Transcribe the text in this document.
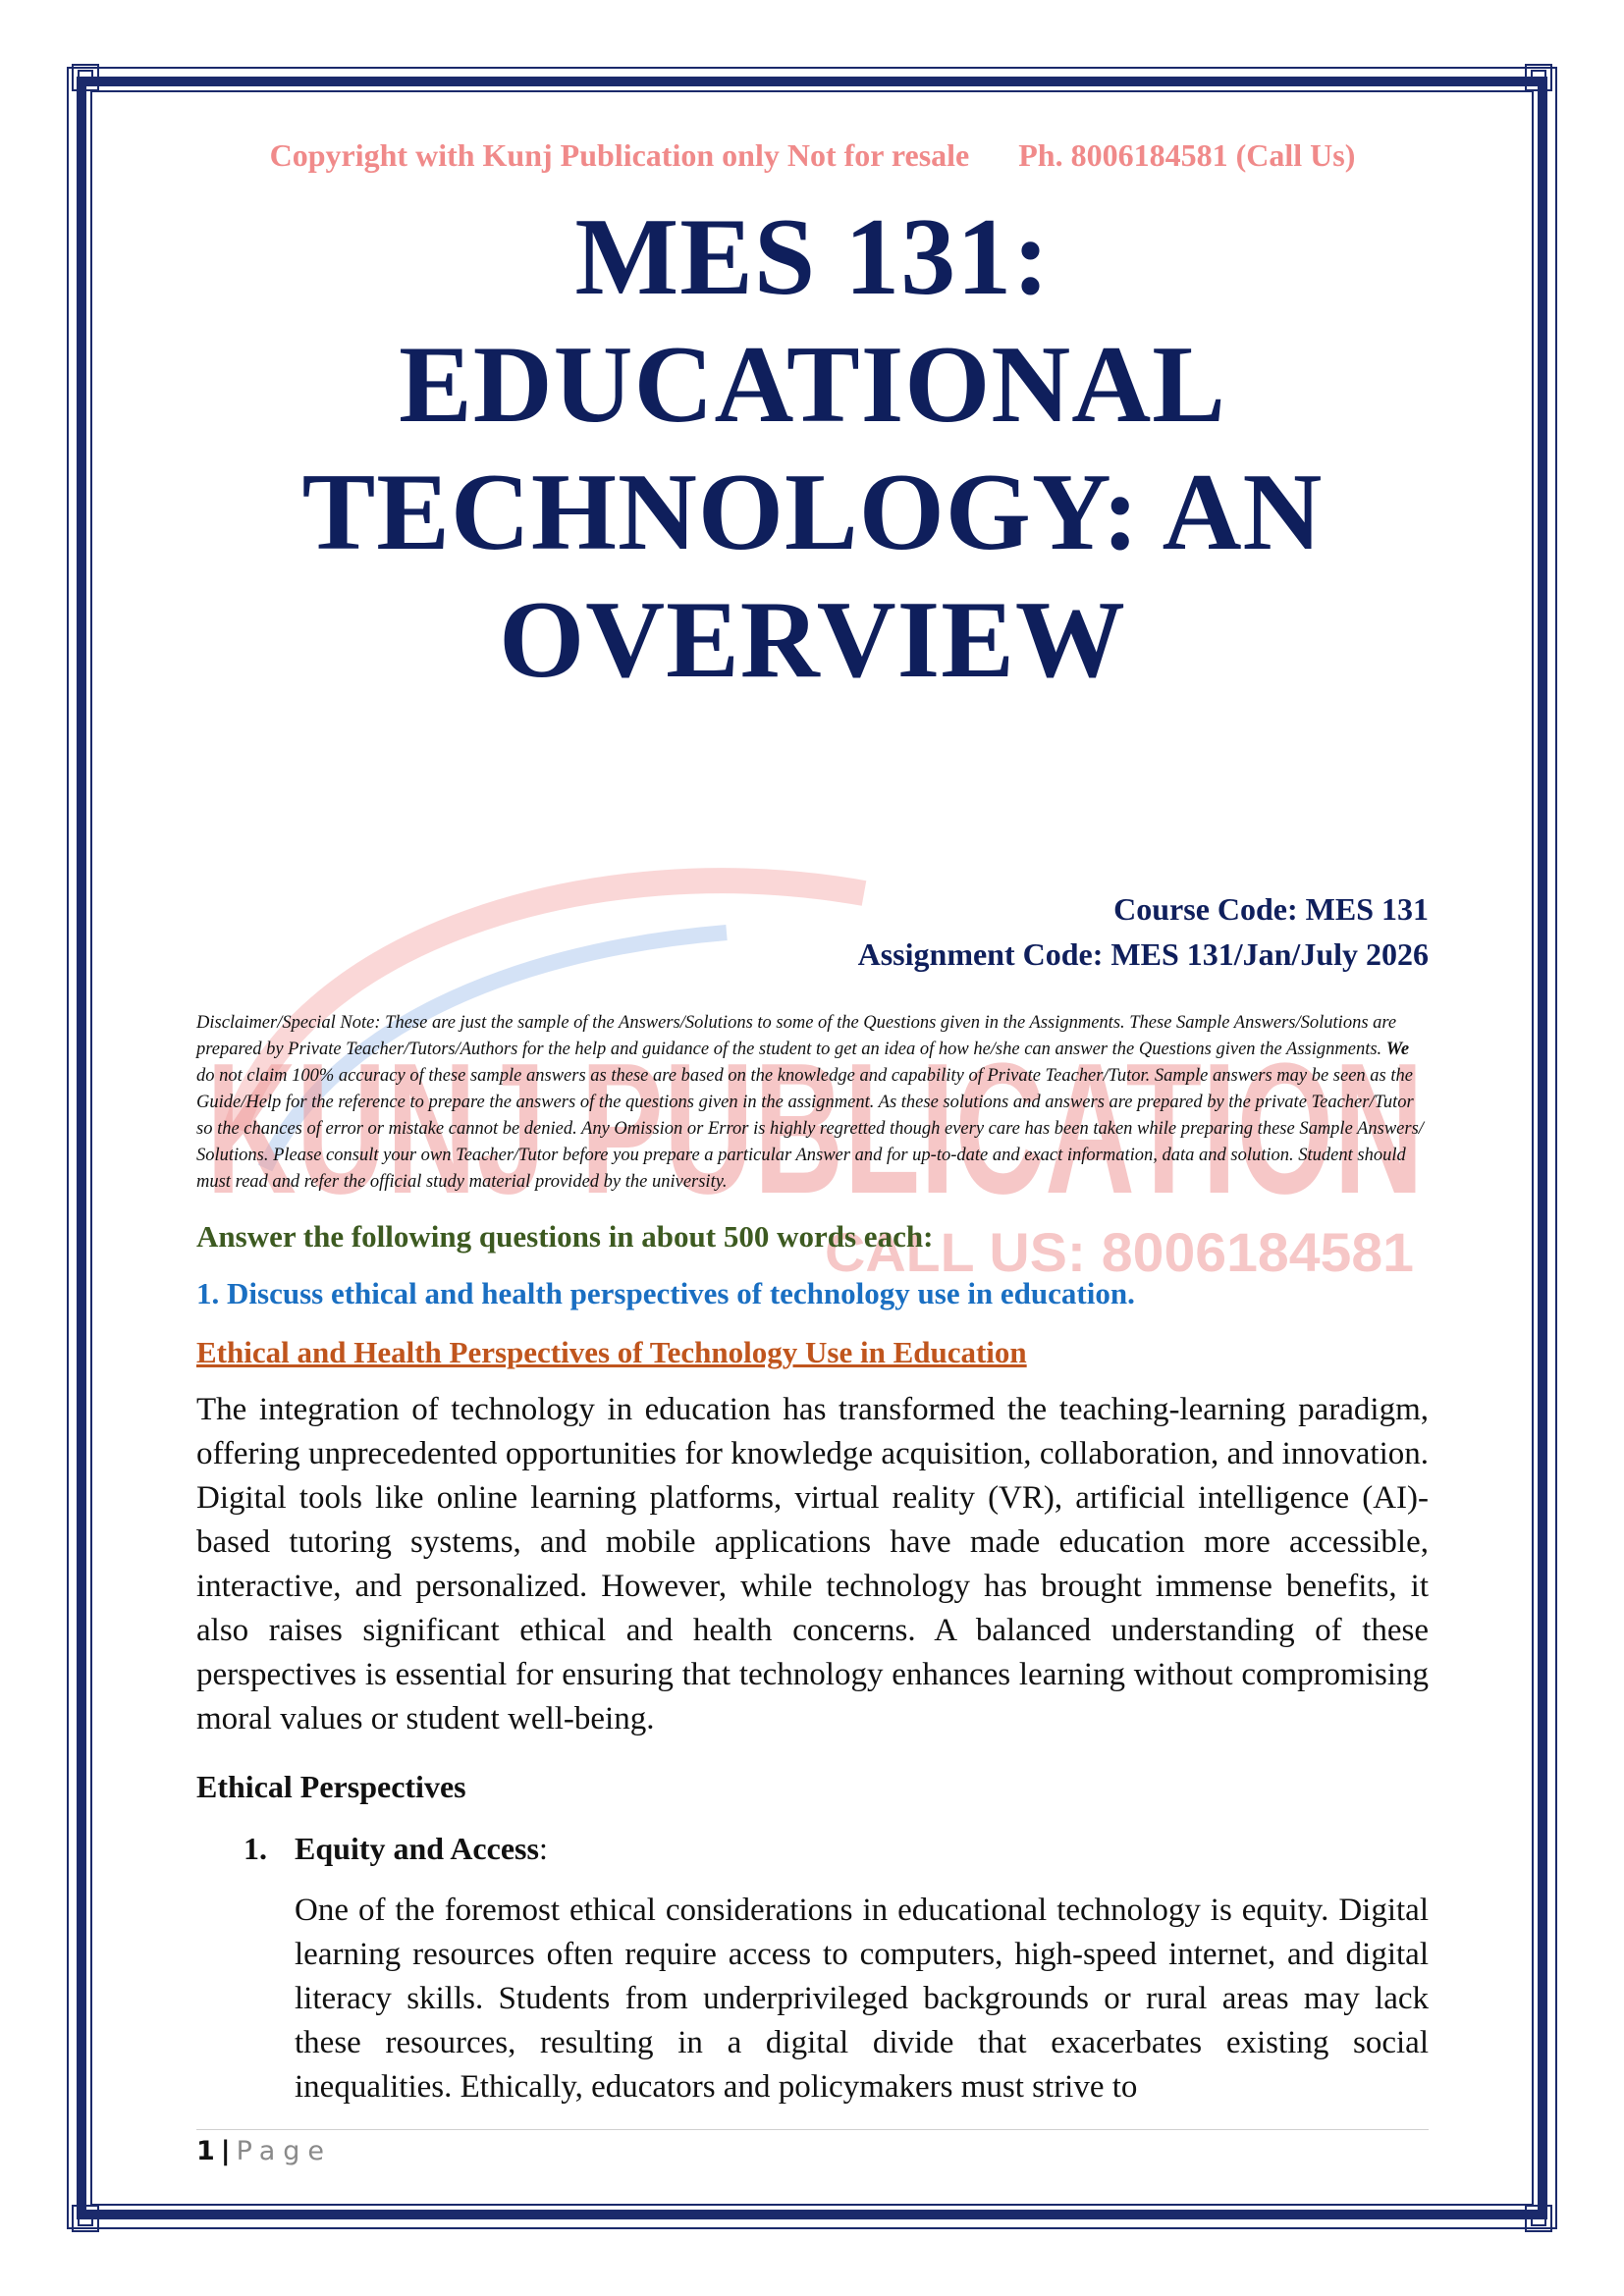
KUNJ PUBLICATION
CALL US: 8006184581

Copyright with Kunj Publication only Not for resale Ph. 8006184581 (Call Us)

MES 131: EDUCATIONAL
TECHNOLOGY: AN
OVERVIEW
Course Code: MES 131
Assignment Code: MES 131/Jan/July 2026
Disclaimer/Special Note: These are just the sample of the Answers/Solutions to some of the Questions given in the Assignments. These Sample Answers/Solutions are prepared by Private Teacher/Tutors/Authors for the help and guidance of the student to get an idea of how he/she can answer the Questions given the Assignments. We do not claim 100% accuracy of these sample answers as these are based on the knowledge and capability of Private Teacher/Tutor. Sample answers may be seen as the Guide/Help for the reference to prepare the answers of the questions given in the assignment. As these solutions and answers are prepared by the private Teacher/Tutor so the chances of error or mistake cannot be denied. Any Omission or Error is highly regretted though every care has been taken while preparing these Sample Answers/ Solutions. Please consult your own Teacher/Tutor before you prepare a particular Answer and for up-to-date and exact information, data and solution. Student should must read and refer the official study material provided by the university.
Answer the following questions in about 500 words each:
1. Discuss ethical and health perspectives of technology use in education.
Ethical and Health Perspectives of Technology Use in Education
The integration of technology in education has transformed the teaching-learning paradigm, offering unprecedented opportunities for knowledge acquisition, collaboration, and innovation. Digital tools like online learning platforms, virtual reality (VR), artificial intelligence (AI)-based tutoring systems, and mobile applications have made education more accessible, interactive, and personalized. However, while technology has brought immense benefits, it also raises significant ethical and health concerns. A balanced understanding of these perspectives is essential for ensuring that technology enhances learning without compromising moral values or student well-being.
Ethical Perspectives
1. Equity and Access:
One of the foremost ethical considerations in educational technology is equity. Digital learning resources often require access to computers, high-speed internet, and digital literacy skills. Students from underprivileged backgrounds or rural areas may lack these resources, resulting in a digital divide that exacerbates existing social inequalities. Ethically, educators and policymakers must strive to
1 | Page
